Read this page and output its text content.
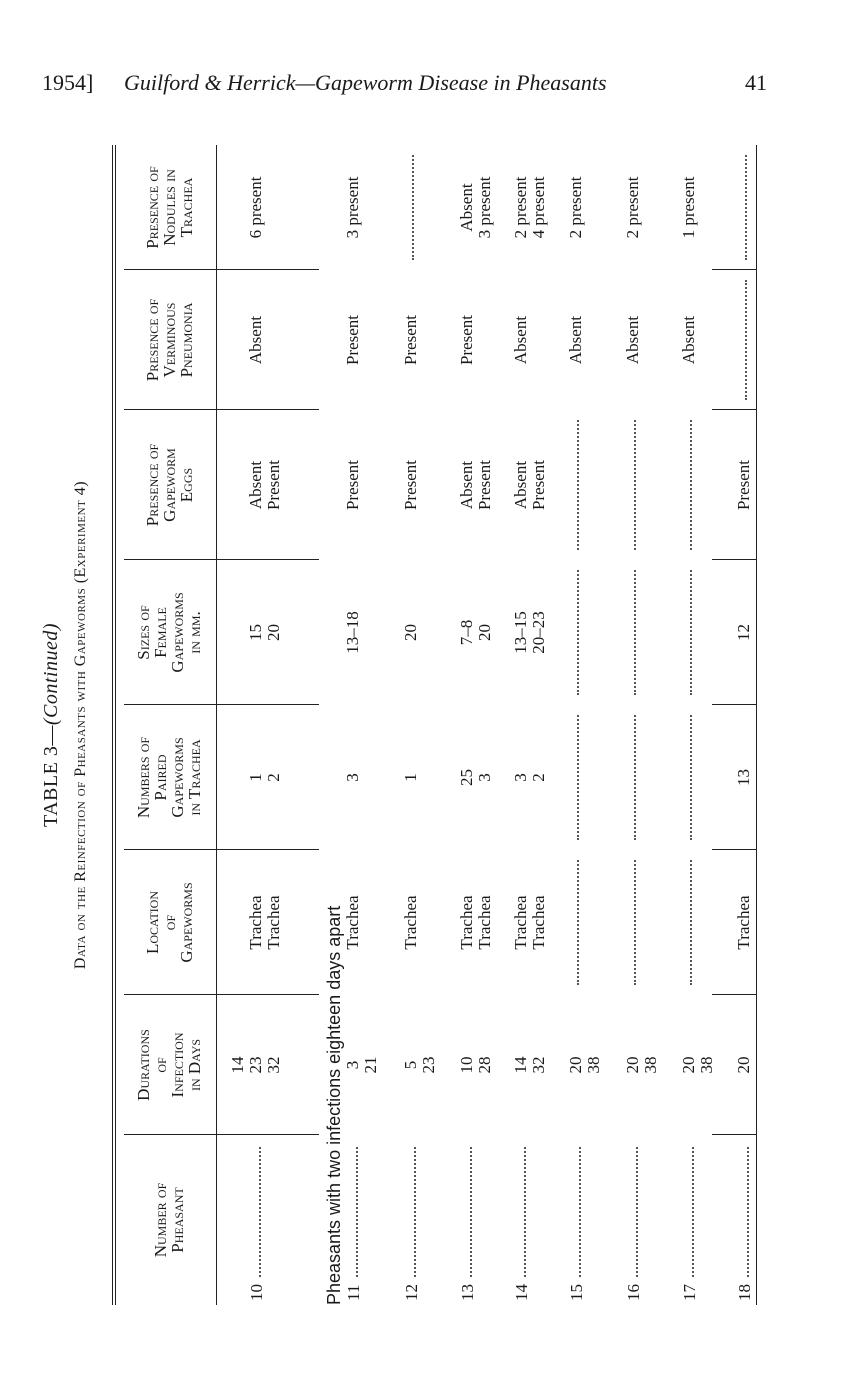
1954] Guilford & Herrick—Gapeworm Disease in Pheasants	41
TABLE 3—(Continued) Data on the Reinfection of Pheasants with Gapeworms (Experiment 4)
Number of
Pheasant
Durations
of
Infection
in Days
Location
of
Gapeworms
Numbers of
Paired
Gapeworms
in Trachea
Sizes of
Female
Gapeworms
in mm.
Presence of
Gapeworm
Eggs
Presence of
Verminous
Pneumonia
Presence of
Nodules in
Trachea
Pheasants with two infections eighteen days apart
10
14
23
32
Trachea
Trachea
1
2
15
20
Absent
Present
Absent
6 present
11
3
21
Trachea
3
13–18
Present
Present
3 present
12
5
23
Trachea
1
20
Present
Present
13
10
28
Trachea
Trachea
25
3
7–8
20
Absent
Present
Present
Absent
3 present
14
14
32
Trachea
Trachea
3
2
13–15
20–23
Absent
Present
Absent
2 present
4 present
15
20
38
Absent
2 present
16
20
38
Absent
2 present
17
20
38
Absent
1 present
18
20
Trachea
13
12
Present
